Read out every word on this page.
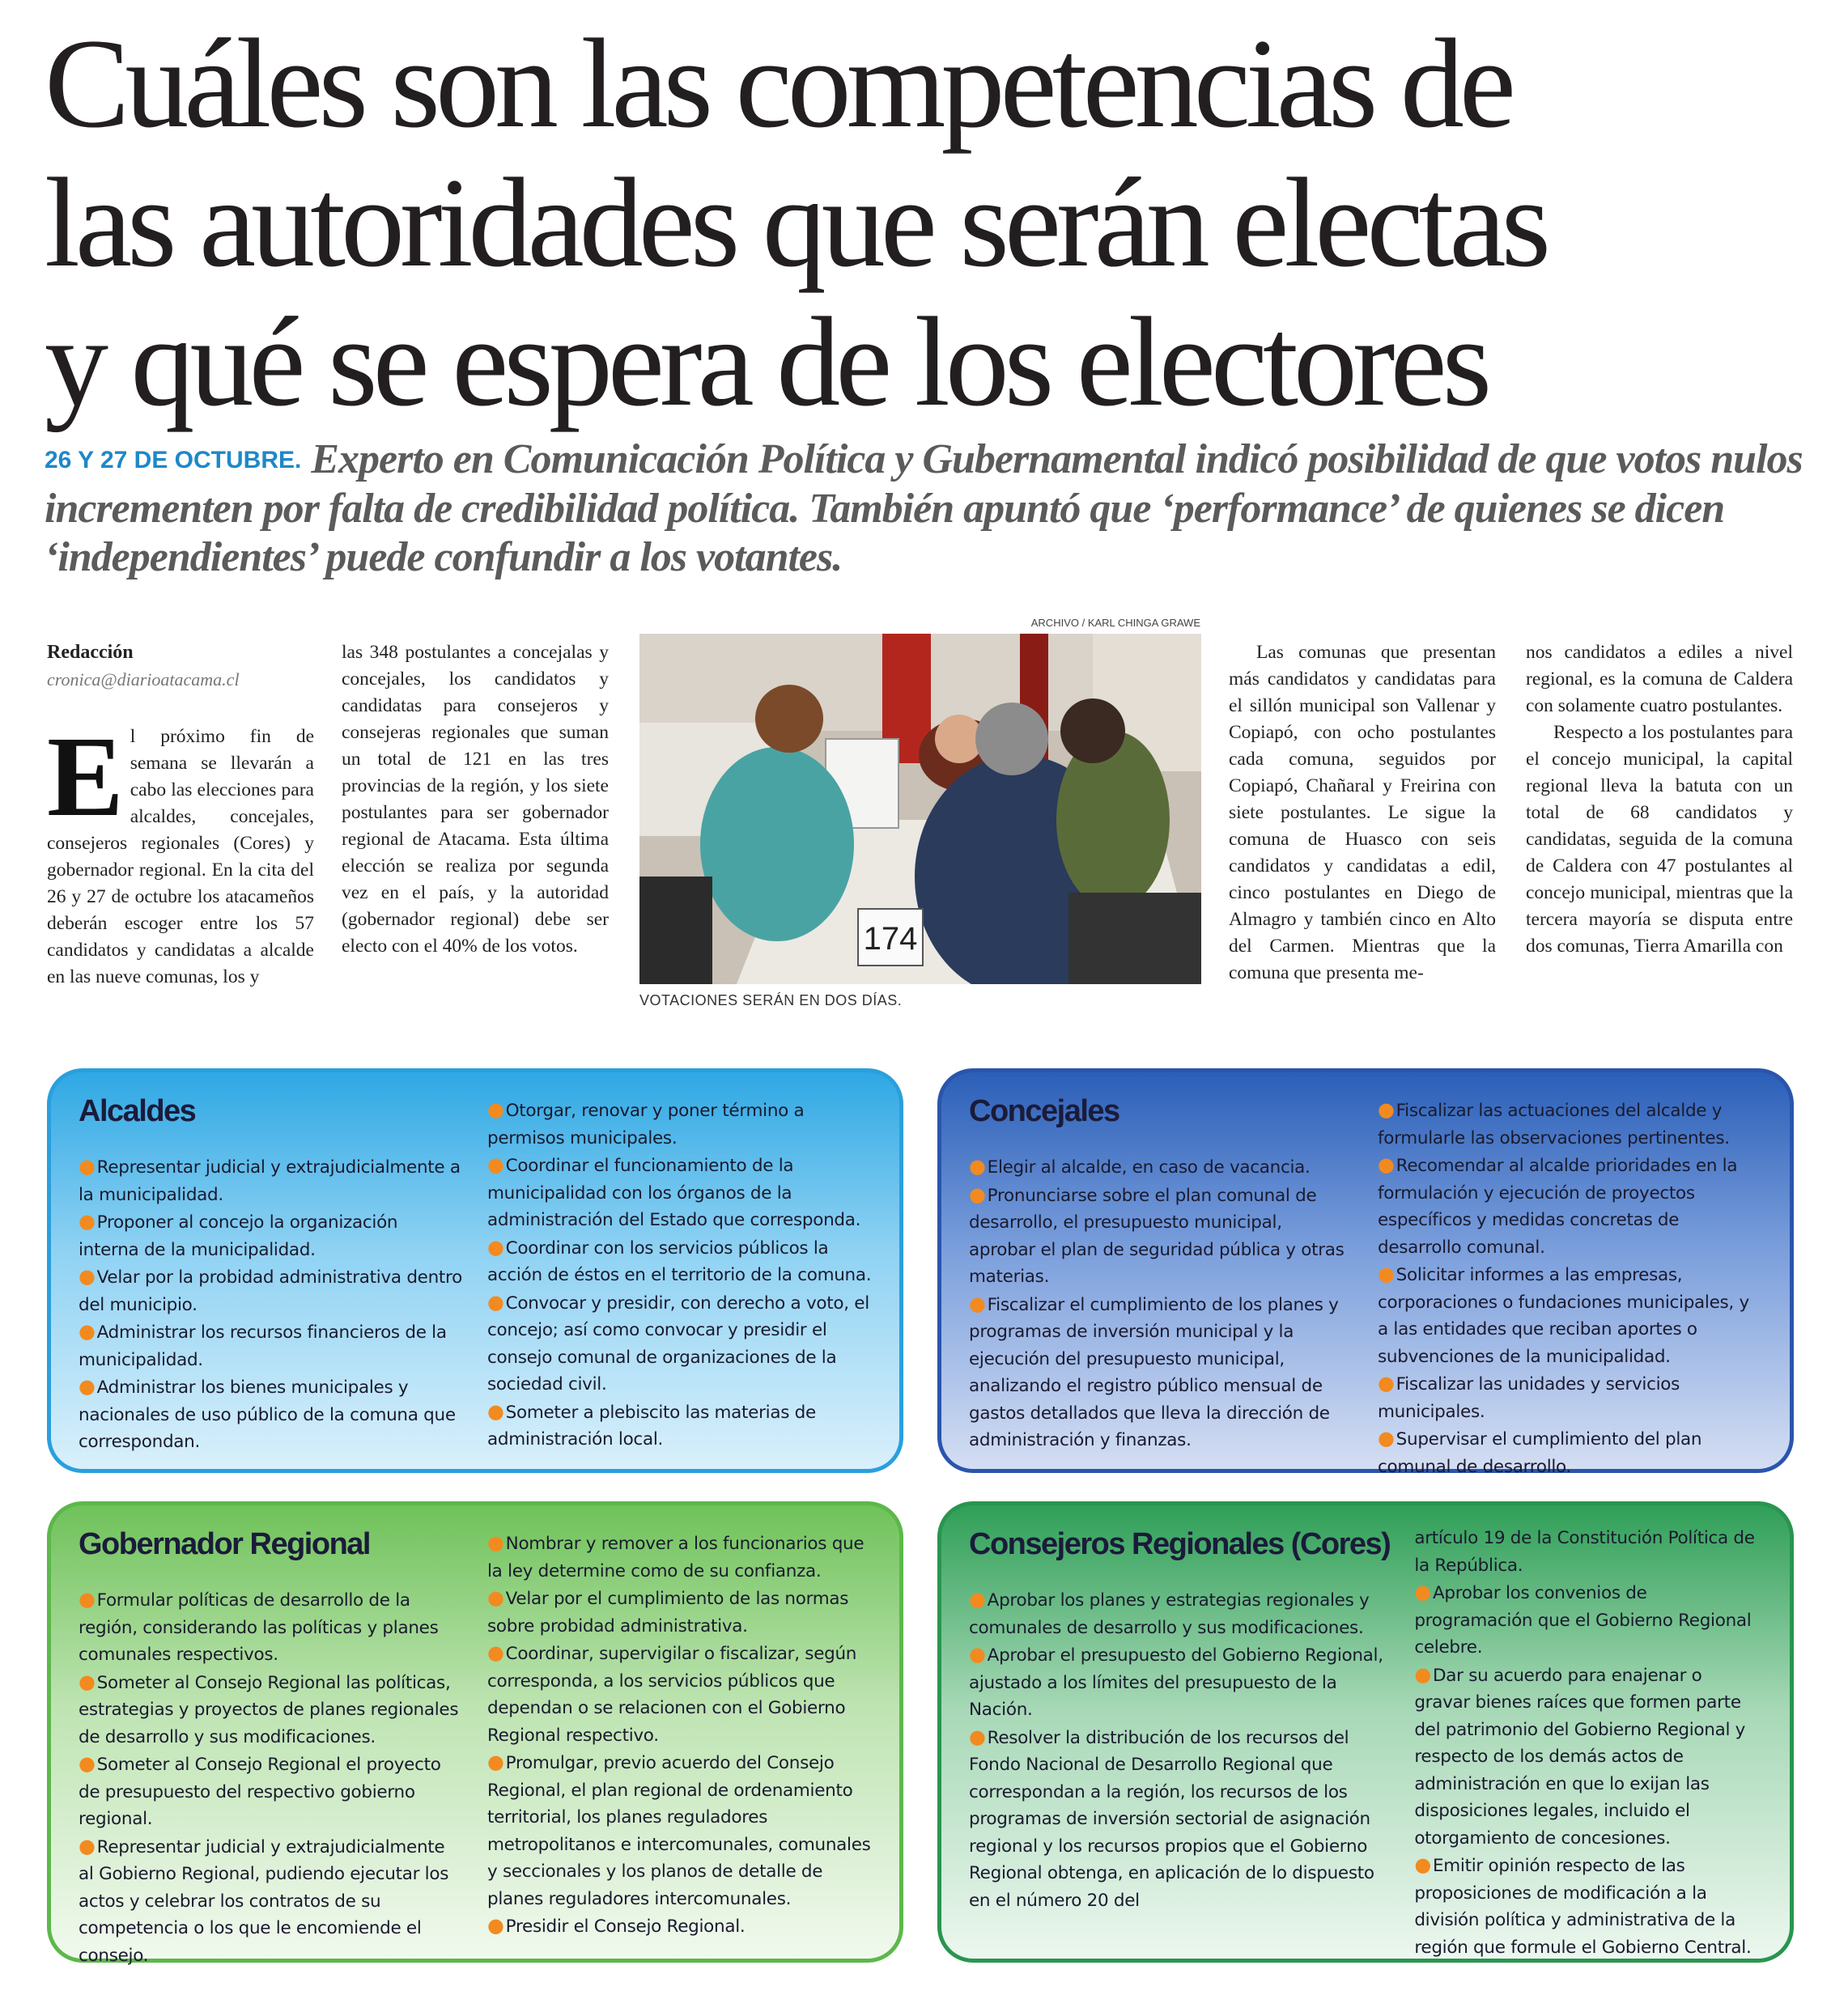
Cuáles son las competencias de
las autoridades que serán electas
y qué se espera de los electores
26 Y 27 DE OCTUBRE. Experto en Comunicación Política y Gubernamental indicó posibilidad de que votos nulos incrementen por falta de credibilidad política. También apuntó que ‘performance’ de quienes se dicen ‘independientes’ puede confundir a los votantes.

Redacción

cronica@diarioatacama.cl

El próximo fin de semana se llevarán a cabo las elecciones para alcaldes, concejales, consejeros regionales (Cores) y gobernador regional. En la cita del 26 y 27 de octubre los atacameños deberán escoger entre los 57 candidatos y candidatas a alcalde en las nueve comunas, los y

las 348 postulantes a concejalas y concejales, los candidatos y candidatas para consejeros y consejeras regionales que suman un total de 121 en las tres provincias de la región, y los siete postulantes para ser gobernador regional de Atacama. Esta última elección se realiza por segunda vez en el país, y la autoridad (gobernador regional) debe ser electo con el 40% de los votos.

Las comunas que presentan más candidatos y candidatas para el sillón municipal son Vallenar y Copiapó, con ocho postulantes cada comuna, seguidos por Copiapó, Chañaral y Freirina con siete postulantes. Le sigue la comuna de Huasco con seis candidatos y candidatas a edil, cinco postulantes en Diego de Almagro y también cinco en Alto del Carmen. Mientras que la comuna que presenta me-

nos candidatos a ediles a nivel regional, es la comuna de Caldera con solamente cuatro postulantes.

Respecto a los postulantes para el concejo municipal, la capital regional lleva la batuta con un total de 68 candidatos y candidatas, seguida de la comuna de Caldera con 47 postulantes al concejo municipal, mientras que la tercera mayoría se disputa entre dos comunas, Tierra Amarilla con

ARCHIVO / KARL CHINGA GRAWE
174
VOTACIONES SERÁN EN DOS DÍAS.
Alcaldes

●Representar judicial y extrajudicialmente a la municipalidad.

●Proponer al concejo la organización interna de la municipalidad.

●Velar por la probidad administrativa dentro del municipio.

●Administrar los recursos financieros de la municipalidad.

●Administrar los bienes municipales y nacionales de uso público de la comuna que correspondan.

●Otorgar, renovar y poner término a permisos municipales.

●Coordinar el funcionamiento de la municipalidad con los órganos de la administración del Estado que corresponda.

●Coordinar con los servicios públicos la acción de éstos en el territorio de la comuna.

●Convocar y presidir, con derecho a voto, el concejo; así como convocar y presidir el consejo comunal de organizaciones de la sociedad civil.

●Someter a plebiscito las materias de administración local.

Concejales

●Elegir al alcalde, en caso de vacancia.

●Pronunciarse sobre el plan comunal de desarrollo, el presupuesto municipal, aprobar el plan de seguridad pública y otras materias.

●Fiscalizar el cumplimiento de los planes y programas de inversión municipal y la ejecución del presupuesto municipal, analizando el registro público mensual de gastos detallados que lleva la dirección de administración y finanzas.

●Fiscalizar las actuaciones del alcalde y formularle las observaciones pertinentes.

●Recomendar al alcalde prioridades en la formulación y ejecución de proyectos específicos y medidas concretas de desarrollo comunal.

●Solicitar informes a las empresas, corporaciones o fundaciones municipales, y a las entidades que reciban aportes o subvenciones de la municipalidad.

●Fiscalizar las unidades y servicios municipales.

●Supervisar el cumplimiento del plan comunal de desarrollo.

Gobernador Regional

●Formular políticas de desarrollo de la región, considerando las políticas y planes comunales respectivos.

●Someter al Consejo Regional las políticas, estrategias y proyectos de planes regionales de desarrollo y sus modificaciones.

●Someter al Consejo Regional el proyecto de presupuesto del respectivo gobierno regional.

●Representar judicial y extrajudicialmente al Gobierno Regional, pudiendo ejecutar los actos y celebrar los contratos de su competencia o los que le encomiende el consejo.

●Nombrar y remover a los funcionarios que la ley determine como de su confianza.

●Velar por el cumplimiento de las normas sobre probidad administrativa.

●Coordinar, supervigilar o fiscalizar, según corresponda, a los servicios públicos que dependan o se relacionen con el Gobierno Regional respectivo.

●Promulgar, previo acuerdo del Consejo Regional, el plan regional de ordenamiento territorial, los planes reguladores metropolitanos e intercomunales, comunales y seccionales y los planos de detalle de planes reguladores intercomunales.

●Presidir el Consejo Regional.

Consejeros Regionales (Cores)

●Aprobar los planes y estrategias regionales y comunales de desarrollo y sus modificaciones.

●Aprobar el presupuesto del Gobierno Regional, ajustado a los límites del presupuesto de la Nación.

●Resolver la distribución de los recursos del Fondo Nacional de Desarrollo Regional que correspondan a la región, los recursos de los programas de inversión sectorial de asignación regional y los recursos propios que el Gobierno Regional obtenga, en aplicación de lo dispuesto en el número 20 del

artículo 19 de la Constitución Política de la República.

●Aprobar los convenios de programación que el Gobierno Regional celebre.

●Dar su acuerdo para enajenar o gravar bienes raíces que formen parte del patrimonio del Gobierno Regional y respecto de los demás actos de administración en que lo exijan las disposiciones legales, incluido el otorgamiento de concesiones.

●Emitir opinión respecto de las proposiciones de modificación a la división política y administrativa de la región que formule el Gobierno Central.
